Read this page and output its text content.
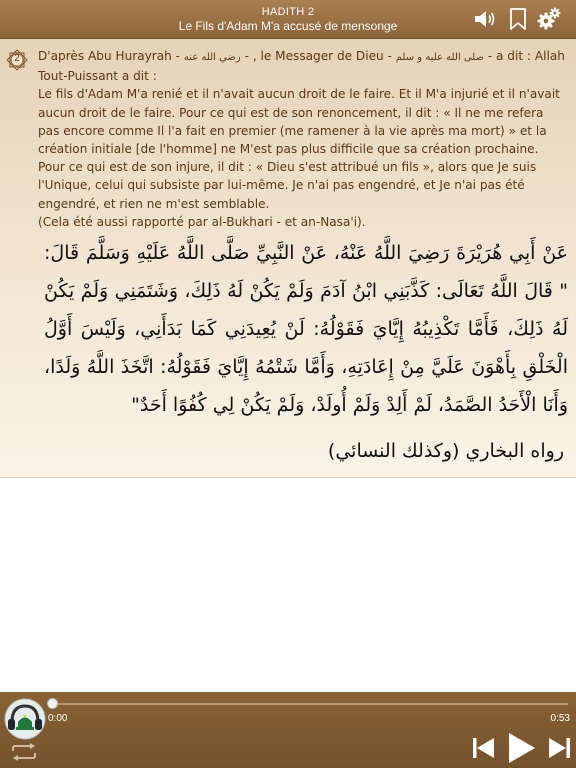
HADITH 2
Le Fils d'Adam M'a accusé de mensonge
2	D'après Abu Hurayrah - رضي الله عنه - , le Messager de Dieu - صلى الله عليه و سلم - a dit : Allah Tout-Puissant a dit :

Le fils d'Adam M'a renié et il n'avait aucun droit de le faire. Et il M'a injurié et il n'avait aucun droit de le faire. Pour ce qui est de son renoncement, il dit : « Il ne me refera pas encore comme Il l'a fait en premier (me ramener à la vie après ma mort) » et la création initiale [de l'homme] ne M'est pas plus difficile que sa création prochaine.

Pour ce qui est de son injure, il dit : « Dieu s'est attribué un fils », alors que Je suis l'Unique, celui qui subsiste par lui-même. Je n'ai pas engendré, et Je n'ai pas été engendré, et rien ne m'est semblable.

(Cela été aussi rapporté par al-Bukhari - et an-Nasa'i).

عَنْ أَبِي هُرَيْرَةَ رَضِيَ اللَّهُ عَنْهُ، عَنْ النَّبِيِّ صَلَّى اللَّهُ عَلَيْهِ وَسَلَّمَ قَالَ: " قَالَ اللَّهُ تَعَالَى: كَذَّبَنِي ابْنُ آدَمَ وَلَمْ يَكُنْ لَهُ ذَلِكَ، وَشَتَمَنِي وَلَمْ يَكُنْ لَهُ ذَلِكَ، فَأَمَّا تَكْذِيبُهُ إِيَّايَ فَقَوْلُهُ: لَنْ يُعِيدَنِي كَمَا بَدَأَنِي، وَلَيْسَ أَوَّلُ الْخَلْقِ بِأَهْوَنَ عَلَيَّ مِنْ إِعَادَتِهِ، وَأَمَّا شَتْمُهُ إِيَّايَ فَقَوْلُهُ: اتَّخَذَ اللَّهُ وَلَدًا، وَأَنَا الْأَحَدُ الصَّمَدُ، لَمْ أَلِدْ وَلَمْ أُولَدْ، وَلَمْ يَكُنْ لِي كُفُوًا أَحَدٌ"
رواه البخاري (وكذلك النسائي)
0:00	0:53
